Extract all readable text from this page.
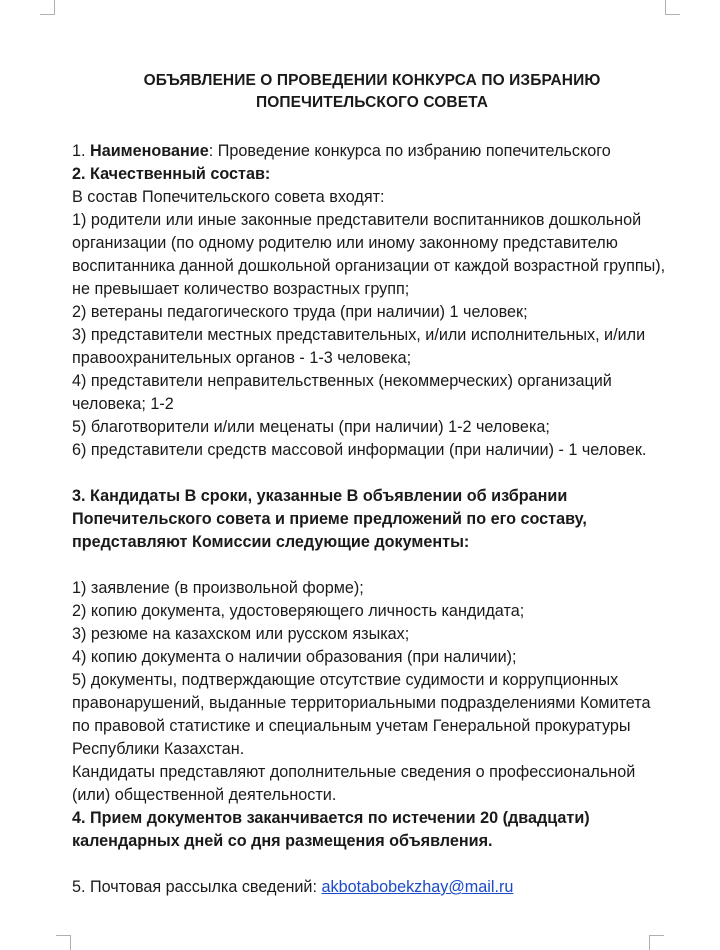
ОБЪЯВЛЕНИЕ О ПРОВЕДЕНИИ КОНКУРСА ПО ИЗБРАНИЮ
ПОПЕЧИТЕЛЬСКОГО СОВЕТА

1. Наименование: Проведение конкурса по избранию попечительского

2. Качественный состав:

В состав Попечительского совета входят:

1) родители или иные законные представители воспитанников дошкольной организации (по одному родителю или иному законному представителю воспитанника данной дошкольной организации от каждой возрастной группы), не превышает количество возрастных групп;

2) ветераны педагогического труда (при наличии) 1 человек;

3) представители местных представительных, и/или исполнительных, и/или правоохранительных органов - 1-3 человека;

4) представители неправительственных (некоммерческих) организаций человека; 1-2

5) благотворители и/или меценаты (при наличии) 1-2 человека;

6) представители средств массовой информации (при наличии) - 1 человек.

3. Кандидаты В сроки, указанные В объявлении об избрании Попечительского совета и приеме предложений по его составу, представляют Комиссии следующие документы:

1) заявление (в произвольной форме);

2) копию документа, удостоверяющего личность кандидата;

3) резюме на казахском или русском языках;

4) копию документа о наличии образования (при наличии);

5) документы, подтверждающие отсутствие судимости и коррупционных правонарушений, выданные территориальными подразделениями Комитета по правовой статистике и специальным учетам Генеральной прокуратуры Республики Казахстан.

Кандидаты представляют дополнительные сведения о профессиональной (или) общественной деятельности.

4. Прием документов заканчивается по истечении 20 (двадцати) календарных дней со дня размещения объявления.

5. Почтовая рассылка сведений: akbotabobekzhay@mail.ru
